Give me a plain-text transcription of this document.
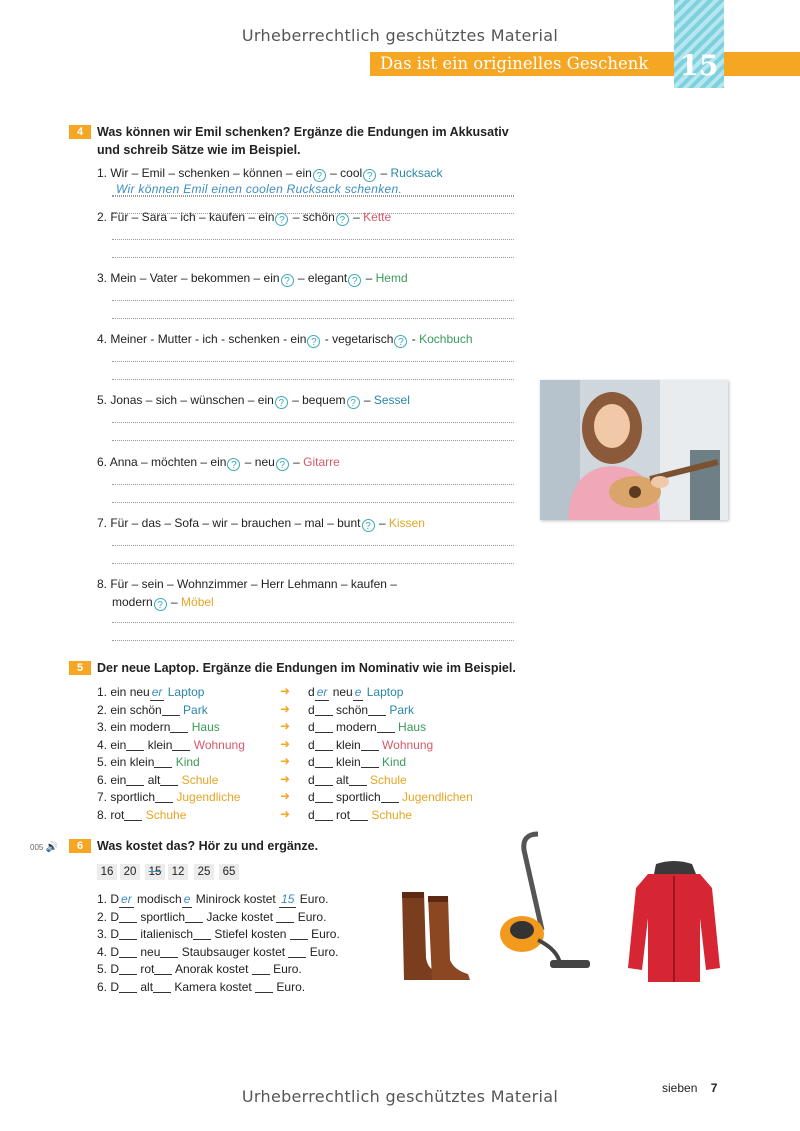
Urheberrechtlich geschütztes Material
Urheberrechtlich geschütztes Material
Das ist ein originelles Geschenk 15
4	Was können wir Emil schenken? Ergänze die Endungen im Akkusativ
und schreib Sätze wie im Beispiel.
1. Wir – Emil – schenken – können – ein ? – cool ? – Rucksack
2. Für – Sara – ich – kaufen – ein ? – schön ? – Kette
3. Mein – Vater – bekommen – ein ? – elegant ? – Hemd
4. Meiner - Mutter - ich - schenken - ein ? - vegetarisch ? - Kochbuch
5. Jonas – sich – wünschen – ein ? – bequem ? – Sessel
6. Anna – möchten – ein ? – neu ? – Gitarre
7. Für – das – Sofa – wir – brauchen – mal – bunt ? – Kissen
8. Für – sein – Wohnzimmer – Herr Lehmann – kaufen –
modern ? – Möbel
Wir können Emil einen coolen Rucksack schenken.
5	Der neue Laptop. Ergänze die Endungen im Nominativ wie im Beispiel.
1. ein neu er Laptop	➜ d er neu e Laptop
2. ein schön Park	➜ d schön Park
3. ein modern Haus	➜ d modern Haus
4. ein klein Wohnung	➜ d klein Wohnung
5. ein klein Kind	➜ d klein Kind
6. ein alt Schule	➜ d alt Schule
7. sportlich Jugendliche	➜ d sportlich Jugendlichen
8. rot Schuhe	➜ d rot Schuhe
005 🔊	6	Was kostet das? Hör zu und ergänze.
16 20	15 12	25	65
1. D er modisch e Minirock kostet 15 Euro.
2. D sportlich Jacke kostet  Euro.
3. D italienisch Stiefel kosten  Euro.
4. D neu Staubsauger kostet  Euro.
5. D rot Anorak kostet  Euro.
6. D alt Kamera kostet  Euro.
sieben 7
